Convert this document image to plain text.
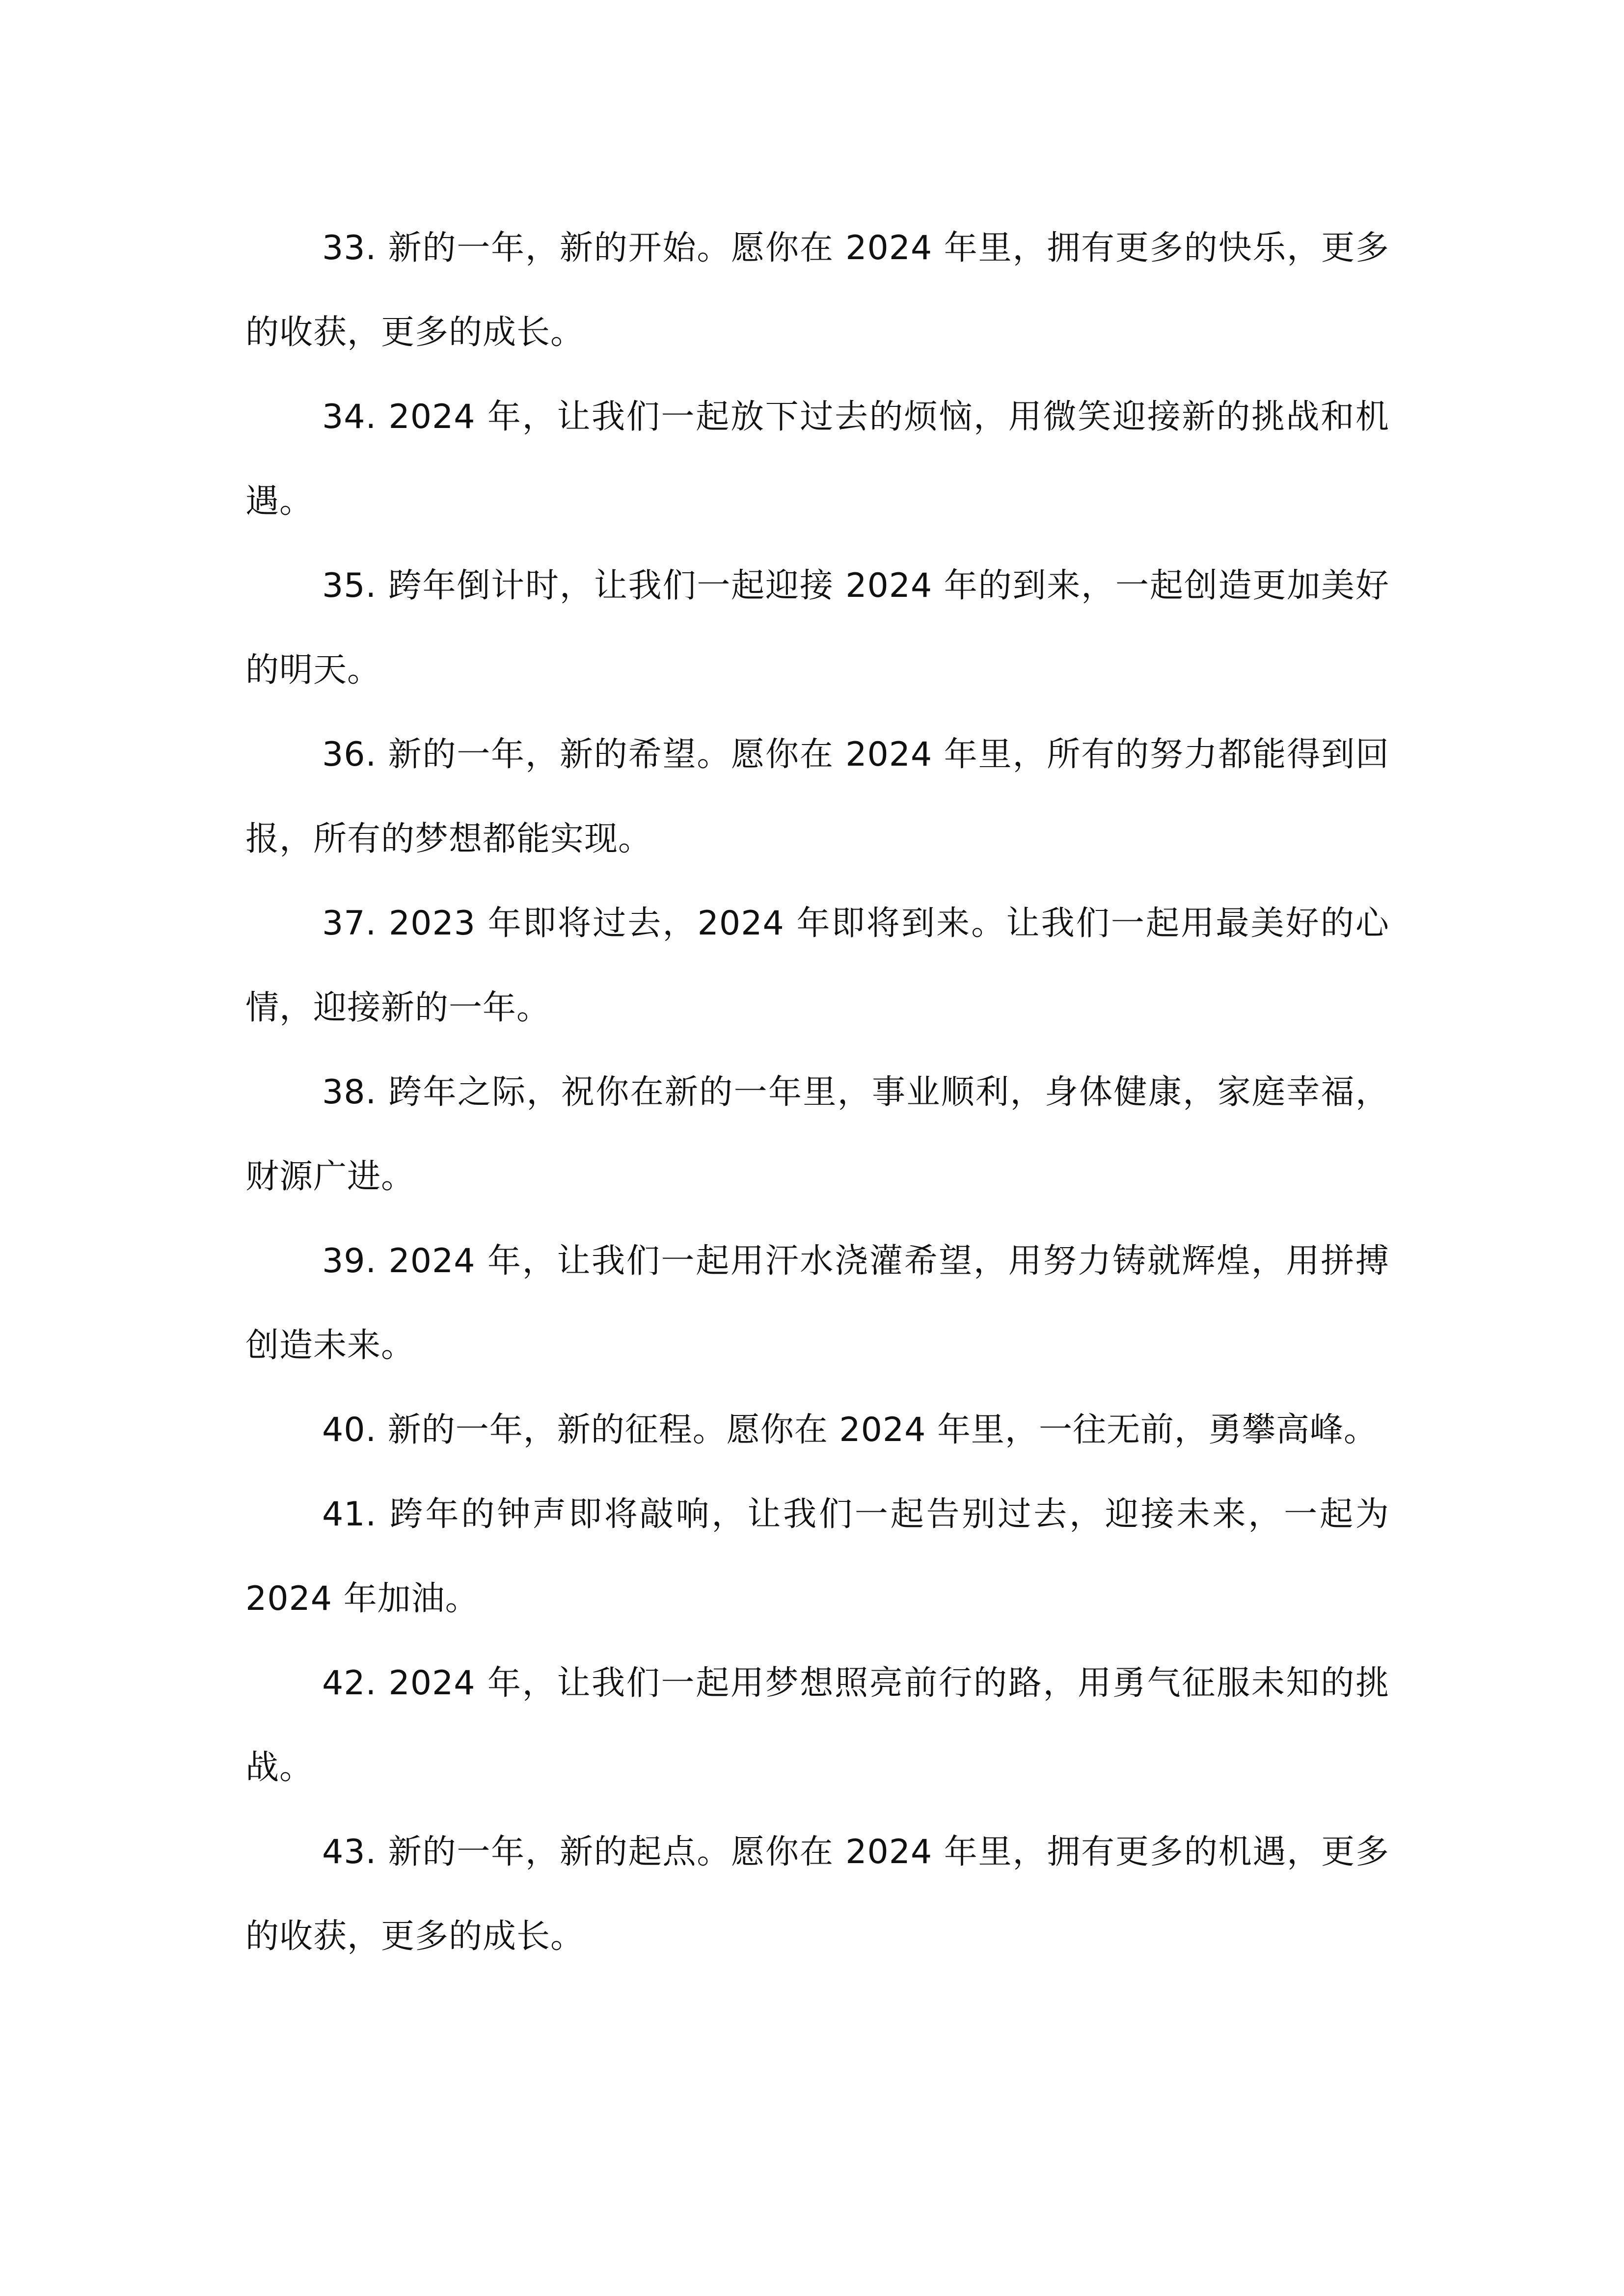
33. 新的一年，新的开始。愿你在 2024 年里，拥有更多的快乐，更多的收获，更多的成长。

34. 2024 年，让我们一起放下过去的烦恼，用微笑迎接新的挑战和机遇。

35. 跨年倒计时，让我们一起迎接 2024 年的到来，一起创造更加美好的明天。

36. 新的一年，新的希望。愿你在 2024 年里，所有的努力都能得到回报，所有的梦想都能实现。

37. 2023 年即将过去，2024 年即将到来。让我们一起用最美好的心情，迎接新的一年。

38. 跨年之际，祝你在新的一年里，事业顺利，身体健康，家庭幸福，财源广进。

39. 2024 年，让我们一起用汗水浇灌希望，用努力铸就辉煌，用拼搏创造未来。

40. 新的一年，新的征程。愿你在 2024 年里，一往无前，勇攀高峰。

41. 跨年的钟声即将敲响，让我们一起告别过去，迎接未来，一起为 2024 年加油。

42. 2024 年，让我们一起用梦想照亮前行的路，用勇气征服未知的挑战。

43. 新的一年，新的起点。愿你在 2024 年里，拥有更多的机遇，更多的收获，更多的成长。
